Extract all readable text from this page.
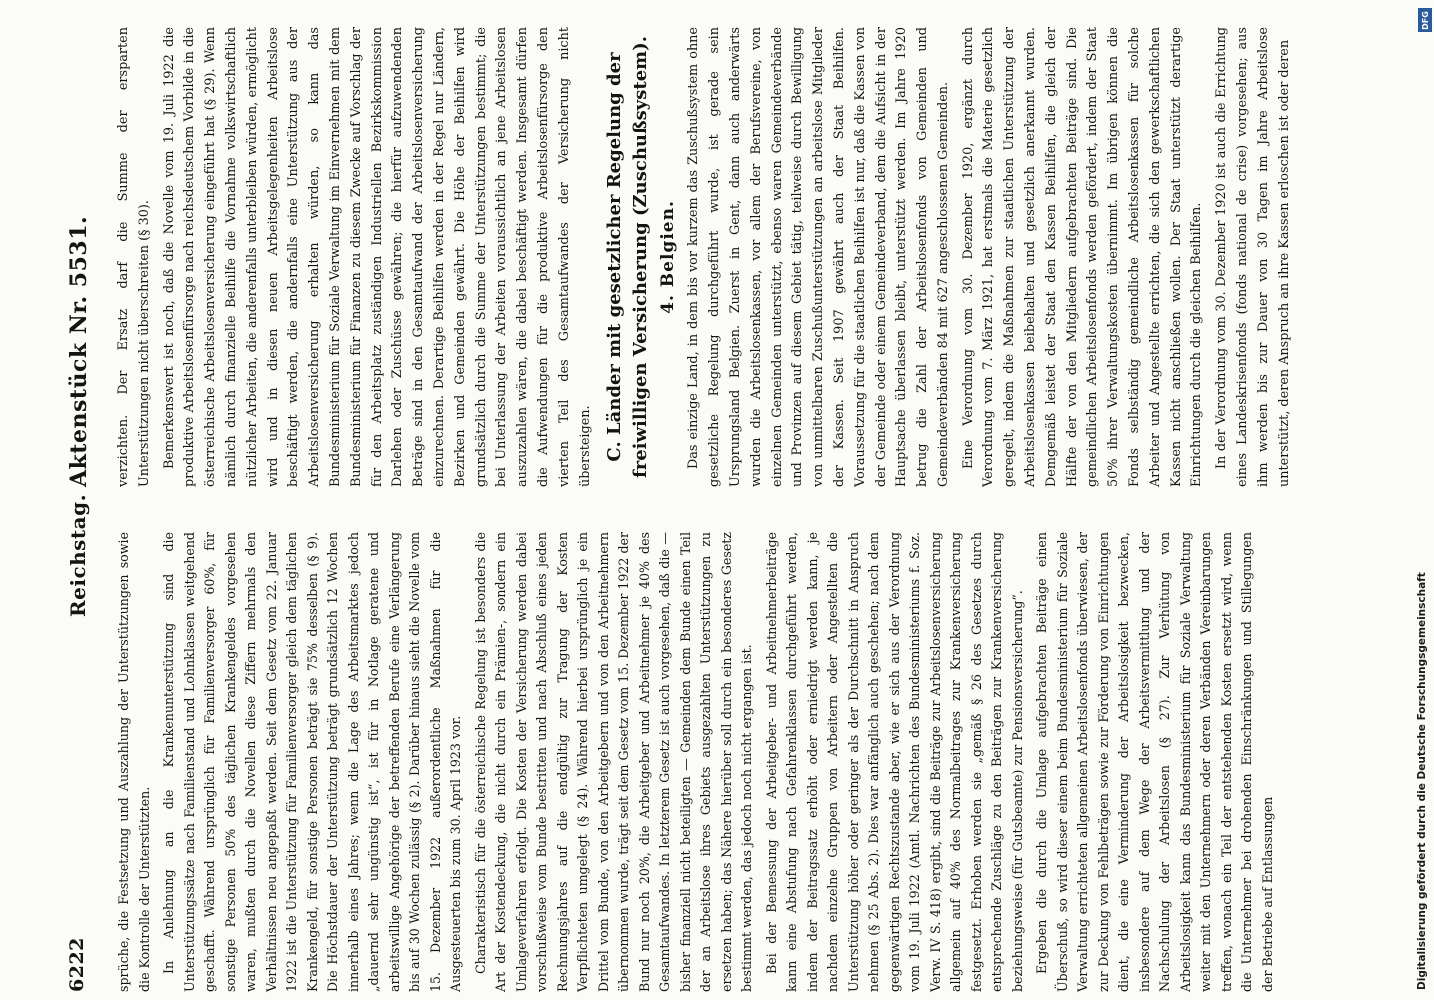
6222
Reichstag.
Aktenstück Nr. 5531.

sprüche, die Festsetzung und Auszahlung der Unterstützungen sowie die Kontrolle der Unterstützten. In Anlehnung an die Krankenunterstützung sind die Unterstützungssätze nach Familienstand und Lohnklassen weitgehend geschafft. Während ursprünglich für Familienversorger 60%, für sonstige Personen 50% des täglichen Krankengeldes vorgesehen waren, mußten durch die Novellen diese Ziffern mehrmals den Verhältnissen neu angepaßt werden. Seit dem Gesetz vom 22. Januar 1922 ist die Unterstützung für Familienversorger gleich dem täglichen Krankengeld, für sonstige Personen beträgt sie 75% desselben (§ 9). Die Höchstdauer der Unterstützung beträgt grundsätzlich 12 Wochen innerhalb eines Jahres; wenn die Lage des Arbeitsmarktes jedoch „dauernd sehr ungünstig ist“, ist für in Notlage geratene und arbeitswillige Angehörige der betreffenden Berufe eine Verlängerung bis auf 30 Wochen zulässig (§ 2). Darüber hinaus sieht die Novelle vom 15. Dezember 1922 außerordentliche Maßnahmen für die Ausgesteuerten bis zum 30. April 1923 vor. Charakteristisch für die österreichische Regelung ist besonders die Art der Kostendeckung, die nicht durch ein Prämien-, sondern ein Umlageverfahren erfolgt. Die Kosten der Versicherung werden dabei vorschußweise vom Bunde bestritten und nach Abschluß eines jeden Rechnungsjahres auf die endgültig zur Tragung der Kosten Verpflichteten umgelegt (§ 24). Während hierbei ursprünglich je ein Drittel vom Bunde, von den Arbeitgebern und von den Arbeitnehmern übernommen wurde, trägt seit dem Gesetz vom 15. Dezember 1922 der Bund nur noch 20%, die Arbeitgeber und Arbeitnehmer je 40% des Gesamtaufwandes. In letzterem Gesetz ist auch vorgesehen, daß die — bisher finanziell nicht beteiligten — Gemeinden dem Bunde einen Teil der an Arbeitslose ihres Gebiets ausgezahlten Unterstützungen zu ersetzen haben; das Nähere hierüber soll durch ein besonderes Gesetz bestimmt werden, das jedoch noch nicht ergangen ist. Bei der Bemessung der Arbeitgeber- und Arbeitnehmerbeiträge kann eine Abstufung nach Gefahrenklassen durchgeführt werden, indem der Beitragssatz erhöht oder erniedrigt werden kann, je nachdem einzelne Gruppen von Arbeitern oder Angestellten die Unterstützung höher oder geringer als der Durchschnitt in Anspruch nehmen (§ 25 Abs. 2). Dies war anfänglich auch geschehen; nach dem gegenwärtigen Rechtszustande aber, wie er sich aus der Verordnung vom 19. Juli 1922 (Amtl. Nachrichten des Bundesministeriums f. Soz. Verw. IV S. 418) ergibt, sind die Beiträge zur Arbeitslosenversicherung allgemein auf 40% des Normalbeitrages zur Krankenversicherung festgesetzt. Erhoben werden sie „gemäß § 26 des Gesetzes durch entsprechende Zuschläge zu den Beiträgen zur Krankenversicherung beziehungsweise (für Gutsbeamte) zur Pensionsversicherung“. Ergeben die durch die Umlage aufgebrachten Beiträge einen Überschuß, so wird dieser einem beim Bundesministerium für Soziale Verwaltung errichteten allgemeinen Arbeitslosenfonds überwiesen, der zur Deckung von Fehlbeträgen sowie zur Förderung von Einrichtungen dient, die eine Verminderung der Arbeitslosigkeit bezwecken, insbesondere auf dem Wege der Arbeitsvermittlung und der Nachschulung der Arbeitslosen (§ 27). Zur Verhütung von Arbeitslosigkeit kann das Bundesministerium für Soziale Verwaltung weiter mit den Unternehmern oder deren Verbänden Vereinbarungen treffen, wonach ein Teil der entstehenden Kosten ersetzt wird, wenn die Unternehmer bei drohenden Einschränkungen und Stillegungen der Betriebe auf Entlassungen

verzichten. Der Ersatz darf die Summe der ersparten Unterstützungen nicht überschreiten (§ 30). Bemerkenswert ist noch, daß die Novelle vom 19. Juli 1922 die produktive Arbeitslosenfürsorge nach reichsdeutschem Vorbilde in die österreichische Arbeitslosenversicherung eingeführt hat (§ 29). Wenn nämlich durch finanzielle Beihilfe die Vornahme volkswirtschaftlich nützlicher Arbeiten, die anderenfalls unterbleiben würden, ermöglicht wird und in diesen neuen Arbeitsgelegenheiten Arbeitslose beschäftigt werden, die andernfalls eine Unterstützung aus der Arbeitslosenversicherung erhalten würden, so kann das Bundesministerium für Soziale Verwaltung im Einvernehmen mit dem Bundesministerium für Finanzen zu diesem Zwecke auf Vorschlag der für den Arbeitsplatz zuständigen Industriellen Bezirkskommission Darlehen oder Zuschüsse gewähren; die hierfür aufzuwendenden Beträge sind in den Gesamtaufwand der Arbeitslosenversicherung einzurechnen. Derartige Beihilfen werden in der Regel nur Ländern, Bezirken und Gemeinden gewährt. Die Höhe der Beihilfen wird grundsätzlich durch die Summe der Unterstützungen bestimmt; die bei Unterlassung der Arbeiten voraussichtlich an jene Arbeitslosen auszuzahlen wären, die dabei beschäftigt werden. Insgesamt dürfen die Aufwendungen für die produktive Arbeitslosenfürsorge den vierten Teil des Gesamtaufwandes der Versicherung nicht übersteigen. C. Länder mit gesetzlicher Regelung der freiwilligen Versicherung (Zuschußsystem). 4. Belgien. Das einzige Land, in dem bis vor kurzem das Zuschußsystem ohne gesetzliche Regelung durchgeführt wurde, ist gerade sein Ursprungsland Belgien. Zuerst in Gent, dann auch anderwärts wurden die Arbeitslosenkassen, vor allem der Berufsvereine, von einzelnen Gemeinden unterstützt, ebenso waren Gemeindeverbände und Provinzen auf diesem Gebiet tätig, teilweise durch Bewilligung von unmittelbaren Zuschußunterstützungen an arbeitslose Mitglieder der Kassen. Seit 1907 gewährt auch der Staat Beihilfen. Voraussetzung für die staatlichen Beihilfen ist nur, daß die Kassen von der Gemeinde oder einem Gemeindeverband, dem die Aufsicht in der Hauptsache überlassen bleibt, unterstützt werden. Im Jahre 1920 betrug die Zahl der Arbeitslosenfonds von Gemeinden und Gemeindeverbänden 84 mit 627 angeschlossenen Gemeinden. Eine Verordnung vom 30. Dezember 1920, ergänzt durch Verordnung vom 7. März 1921, hat erstmals die Materie gesetzlich geregelt, indem die Maßnahmen zur staatlichen Unterstützung der Arbeitslosenkassen beibehalten und gesetzlich anerkannt wurden. Demgemäß leistet der Staat den Kassen Beihilfen, die gleich der Hälfte der von den Mitgliedern aufgebrachten Beiträge sind. Die gemeindlichen Arbeitslosenfonds werden gefördert, indem der Staat 50% ihrer Verwaltungskosten übernimmt. Im übrigen können die Fonds selbständig gemeindliche Arbeitslosenkassen für solche Arbeiter und Angestellte errichten, die sich den gewerkschaftlichen Kassen nicht anschließen wollen. Der Staat unterstützt derartige Einrichtungen durch die gleichen Beihilfen. In der Verordnung vom 30. Dezember 1920 ist auch die Errichtung eines Landeskrisenfonds (fonds national de crise) vorgesehen; aus ihm werden bis zur Dauer von 30 Tagen im Jahre Arbeitslose unterstützt, deren Anspruch an ihre Kassen erloschen ist oder deren

Digitalisierung gefördert durch die Deutsche Forschungsgemeinschaft
DFG
